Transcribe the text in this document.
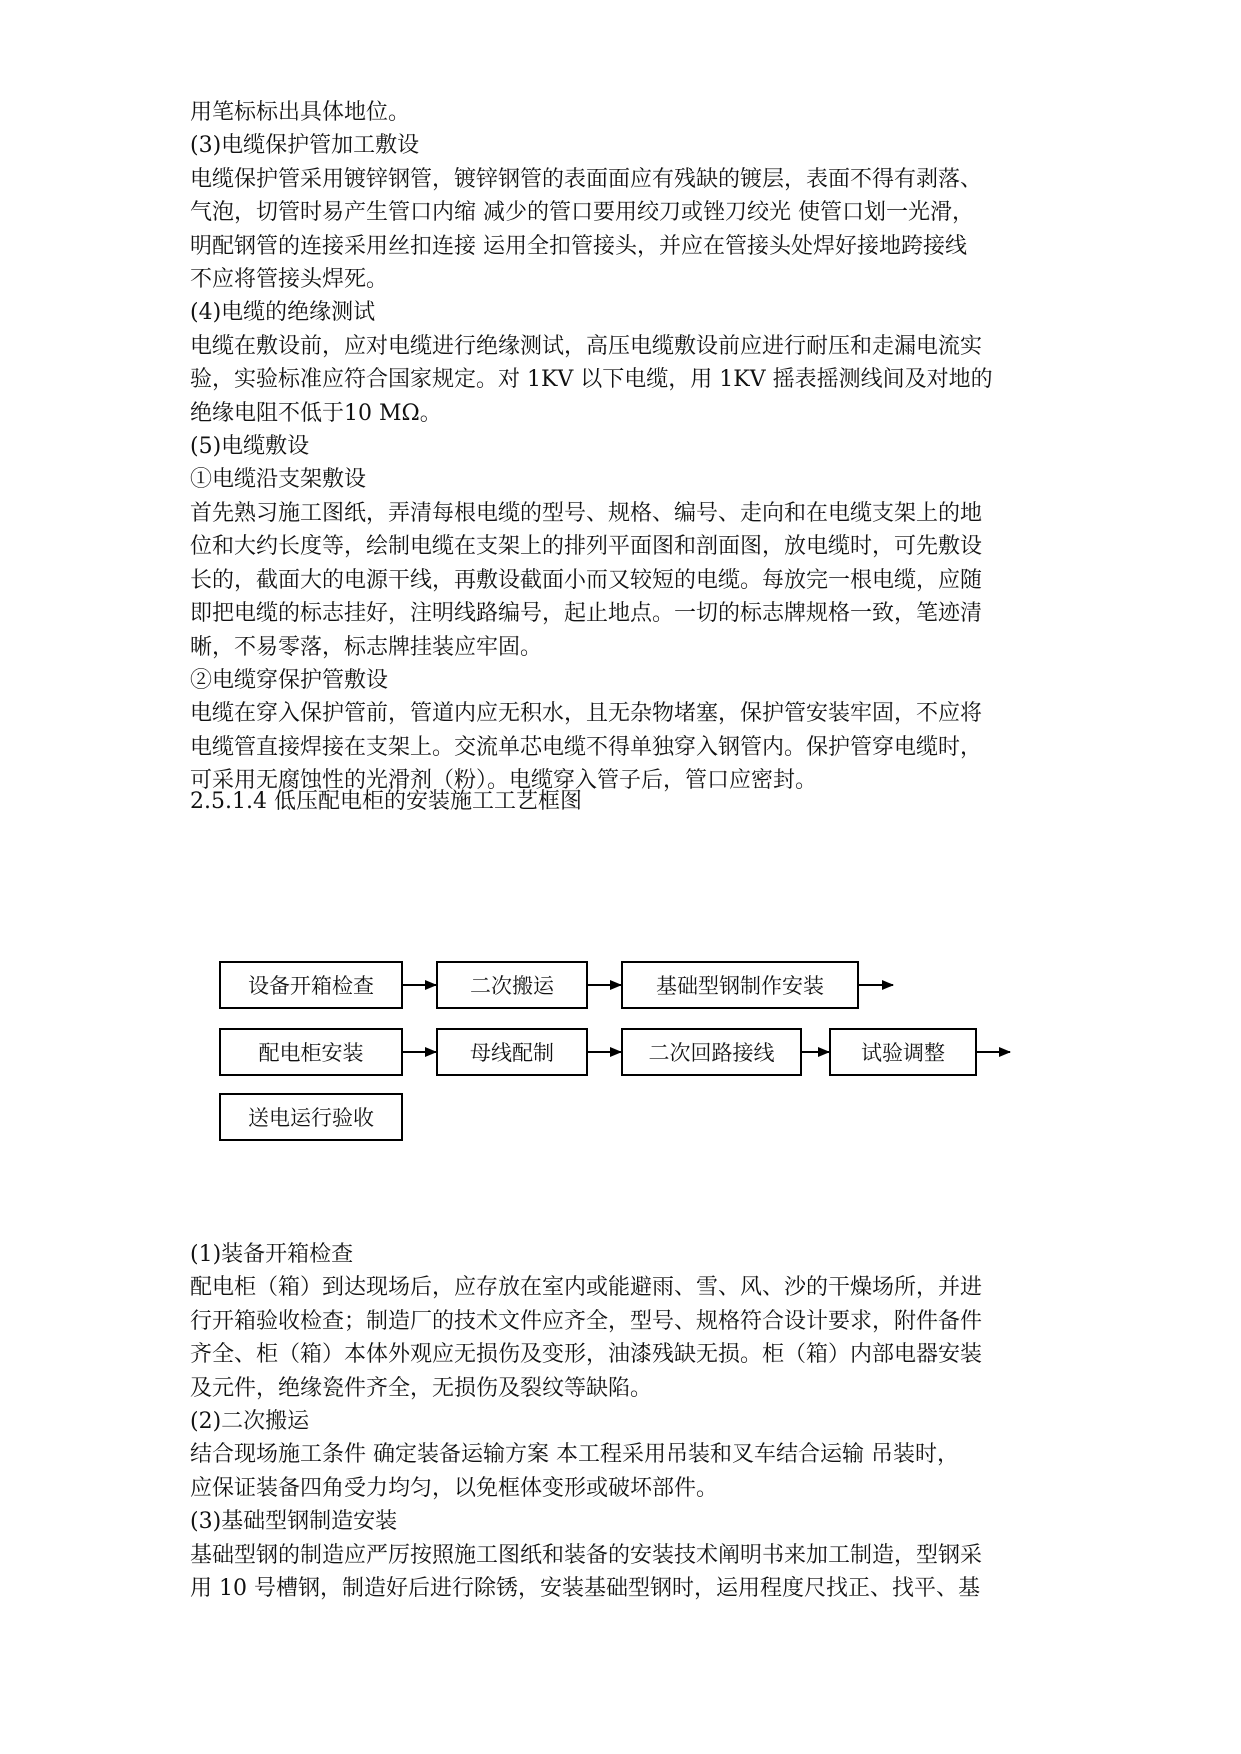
用笔标标出具体地位。

(3)电缆保护管加工敷设

电缆保护管采用镀锌钢管，镀锌钢管的表面面应有残缺的镀层，表面不得有剥落、

气泡，切管时易产生管口内缩 减少的管口要用绞刀或锉刀绞光 使管口划一光滑，

明配钢管的连接采用丝扣连接 运用全扣管接头，并应在管接头处焊好接地跨接线

不应将管接头焊死。

(4)电缆的绝缘测试

电缆在敷设前，应对电缆进行绝缘测试，高压电缆敷设前应进行耐压和走漏电流实

验，实验标准应符合国家规定。对 1KV 以下电缆，用 1KV 摇表摇测线间及对地的

绝缘电阻不低于10 MΩ。

(5)电缆敷设

①电缆沿支架敷设

首先熟习施工图纸，弄清每根电缆的型号、规格、编号、走向和在电缆支架上的地

位和大约长度等，绘制电缆在支架上的排列平面图和剖面图，放电缆时，可先敷设

长的，截面大的电源干线，再敷设截面小而又较短的电缆。每放完一根电缆，应随

即把电缆的标志挂好，注明线路编号，起止地点。一切的标志牌规格一致，笔迹清

晰，不易零落，标志牌挂装应牢固。

②电缆穿保护管敷设

电缆在穿入保护管前，管道内应无积水，且无杂物堵塞，保护管安装牢固，不应将

电缆管直接焊接在支架上。交流单芯电缆不得单独穿入钢管内。保护管穿电缆时，

可采用无腐蚀性的光滑剂（粉）。电缆穿入管子后，管口应密封。

2.5.1.4 低压配电柜的安装施工工艺框图
设备开箱检查	二次搬运	基础型钢制作安装
配电柜安装	母线配制	二次回路接线	试验调整
送电运行验收

(1)装备开箱检查

配电柜（箱）到达现场后，应存放在室内或能避雨、雪、风、沙的干燥场所，并进

行开箱验收检查；制造厂的技术文件应齐全，型号、规格符合设计要求，附件备件

齐全、柜（箱）本体外观应无损伤及变形，油漆残缺无损。柜（箱）内部电器安装

及元件，绝缘瓷件齐全，无损伤及裂纹等缺陷。

(2)二次搬运

结合现场施工条件 确定装备运输方案 本工程采用吊装和叉车结合运输 吊装时，

应保证装备四角受力均匀，以免框体变形或破坏部件。

(3)基础型钢制造安装

基础型钢的制造应严厉按照施工图纸和装备的安装技术阐明书来加工制造，型钢采

用 10 号槽钢，制造好后进行除锈，安装基础型钢时，运用程度尺找正、找平、基
